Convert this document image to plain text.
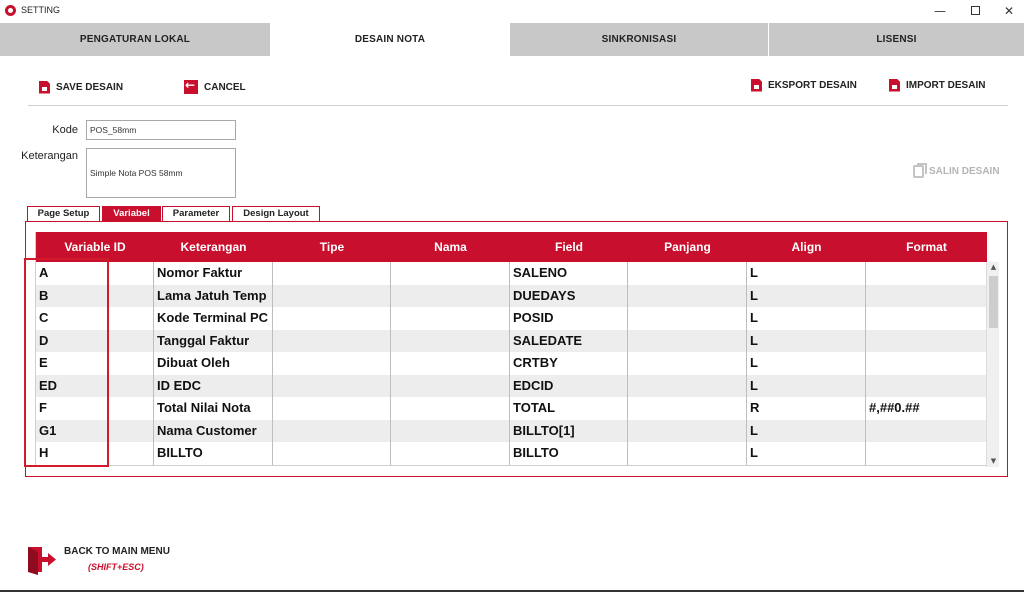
SETTING	—	✕
PENGATURAN LOKAL	DESAIN NOTA	SINKRONISASI	LISENSI
SAVE DESAIN
←	CANCEL	EKSPORT DESAIN	IMPORT DESAIN
Kode	POS_58mm
Keterangan
Simple Nota POS 58mm	SALIN DESAIN
Page Setup	Variabel	Parameter	Design Layout
Variable ID	Keterangan	Tipe	Nama	Field	Panjang	Align	Format
A	Nomor Faktur	SALENO	L
B	Lama Jatuh Temp	DUEDAYS	L
C	Kode Terminal PC	POSID	L
D	Tanggal Faktur	SALEDATE	L
E	Dibuat Oleh	CRTBY	L
ED	ID EDC	EDCID	L
F	Total Nilai Nota	TOTAL	R	#,##0.##
G1	Nama Customer	BILLTO[1]	L
H	BILLTO	BILLTO	L
▲
▼
BACK TO MAIN MENU
(SHIFT+ESC)
